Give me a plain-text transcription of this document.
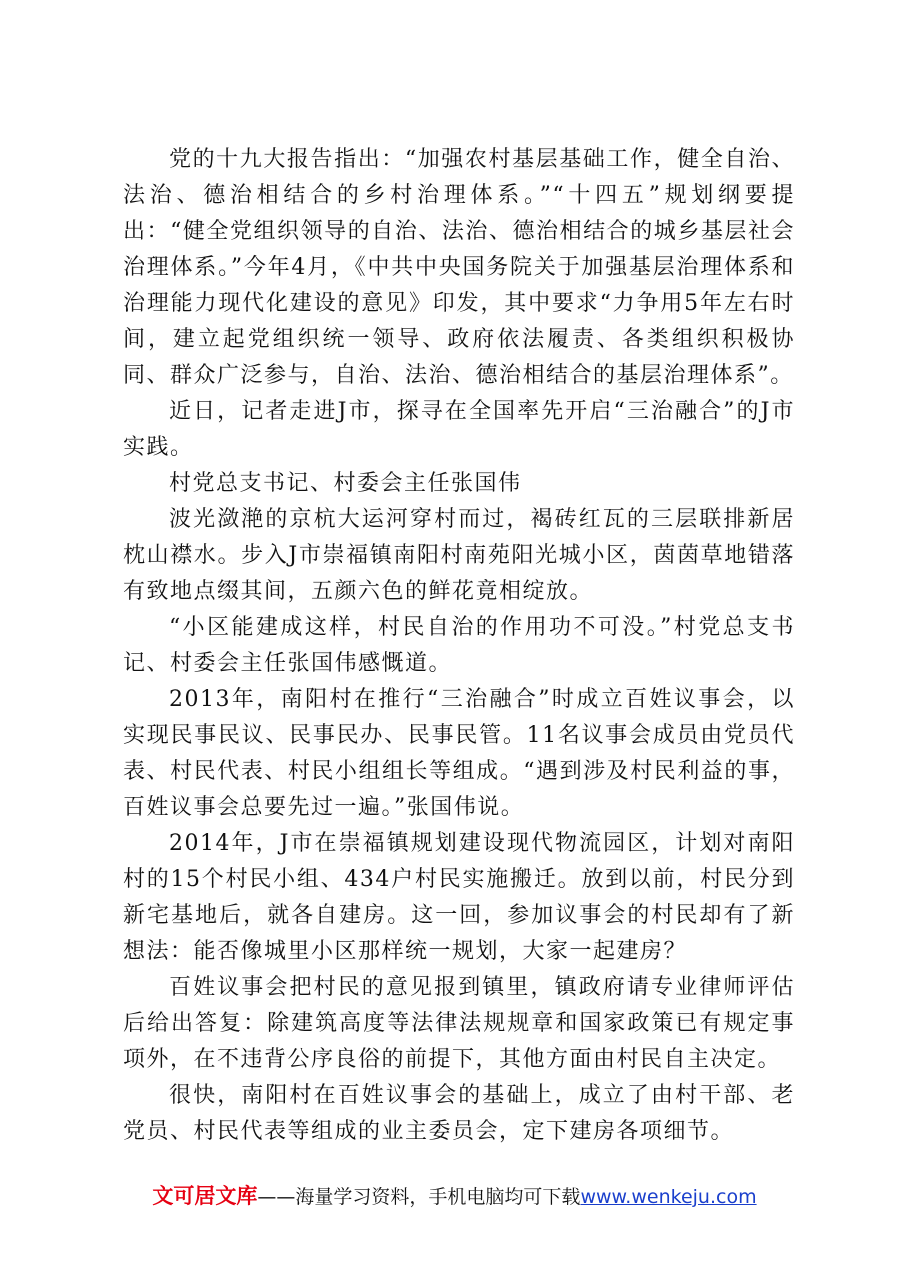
党的十九大报告指出：“加强农村基层基础工作，健全自治、法治、德治相结合的乡村治理体系。”“十四五”规划纲要提出：“健全党组织领导的自治、法治、德治相结合的城乡基层社会治理体系。”今年4月，《中共中央国务院关于加强基层治理体系和治理能力现代化建设的意见》印发，其中要求“力争用5年左右时间，建立起党组织统一领导、政府依法履责、各类组织积极协同、群众广泛参与，自治、法治、德治相结合的基层治理体系”。

近日，记者走进J市，探寻在全国率先开启“三治融合”的J市实践。

村党总支书记、村委会主任张国伟

波光潋滟的京杭大运河穿村而过，褐砖红瓦的三层联排新居枕山襟水。步入J市崇福镇南阳村南苑阳光城小区，茵茵草地错落有致地点缀其间，五颜六色的鲜花竟相绽放。

“小区能建成这样，村民自治的作用功不可没。”村党总支书记、村委会主任张国伟感慨道。

2013年，南阳村在推行“三治融合”时成立百姓议事会，以实现民事民议、民事民办、民事民管。11名议事会成员由党员代表、村民代表、村民小组组长等组成。“遇到涉及村民利益的事，百姓议事会总要先过一遍。”张国伟说。

2014年，J市在崇福镇规划建设现代物流园区，计划对南阳村的15个村民小组、434户村民实施搬迁。放到以前，村民分到新宅基地后，就各自建房。这一回，参加议事会的村民却有了新想法：能否像城里小区那样统一规划，大家一起建房？

百姓议事会把村民的意见报到镇里，镇政府请专业律师评估后给出答复：除建筑高度等法律法规规章和国家政策已有规定事项外，在不违背公序良俗的前提下，其他方面由村民自主决定。

很快，南阳村在百姓议事会的基础上，成立了由村干部、老党员、村民代表等组成的业主委员会，定下建房各项细节。

文可居文库——海量学习资料，手机电脑均可下载www.wenkeju.com
